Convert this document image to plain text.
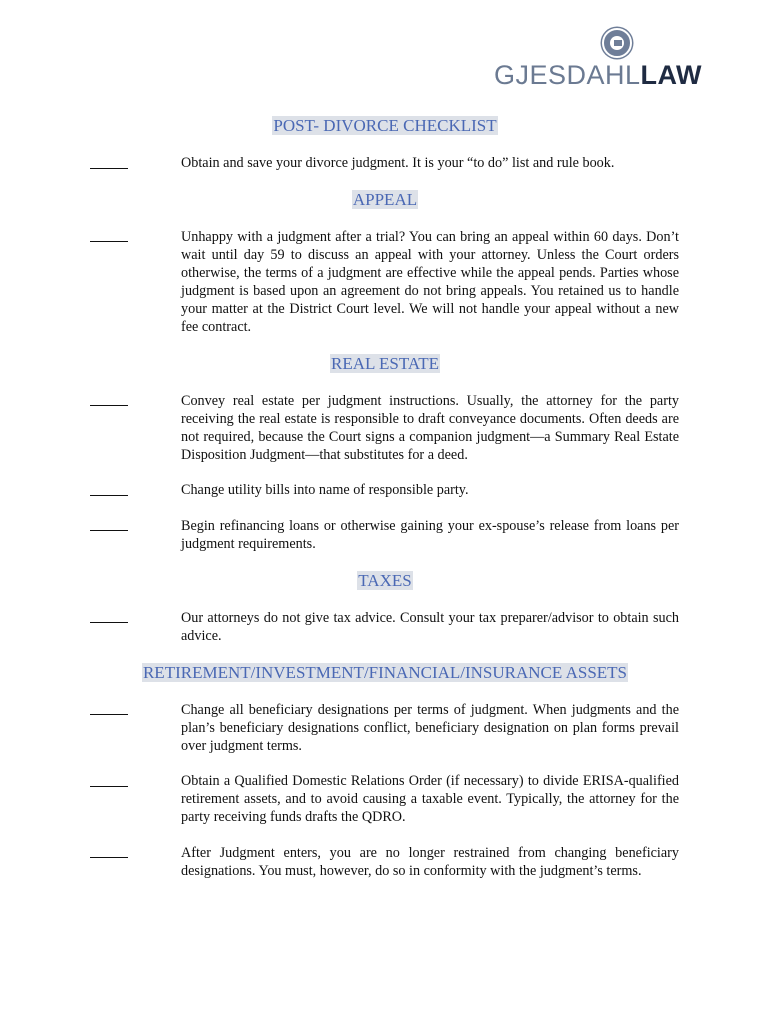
GJESDAHLLAW
POST- DIVORCE CHECKLIST
Obtain and save your divorce judgment. It is your “to do” list and rule book.
APPEAL
Unhappy with a judgment after a trial? You can bring an appeal within 60 days. Don’t wait until day 59 to discuss an appeal with your attorney. Unless the Court orders otherwise, the terms of a judgment are effective while the appeal pends. Parties whose judgment is based upon an agreement do not bring appeals. You retained us to handle your matter at the District Court level. We will not handle your appeal without a new fee contract.
REAL ESTATE
Convey real estate per judgment instructions. Usually, the attorney for the party receiving the real estate is responsible to draft conveyance documents. Often deeds are not required, because the Court signs a companion judgment—a Summary Real Estate Disposition Judgment—that substitutes for a deed.
Change utility bills into name of responsible party.
Begin refinancing loans or otherwise gaining your ex-spouse’s release from loans per judgment requirements.
TAXES
Our attorneys do not give tax advice. Consult your tax preparer/advisor to obtain such advice.
RETIREMENT/INVESTMENT/FINANCIAL/INSURANCE ASSETS
Change all beneficiary designations per terms of judgment. When judgments and the plan’s beneficiary designations conflict, beneficiary designation on plan forms prevail over judgment terms.
Obtain a Qualified Domestic Relations Order (if necessary) to divide ERISA-qualified retirement assets, and to avoid causing a taxable event. Typically, the attorney for the party receiving funds drafts the QDRO.
After Judgment enters, you are no longer restrained from changing beneficiary designations. You must, however, do so in conformity with the judgment’s terms.
